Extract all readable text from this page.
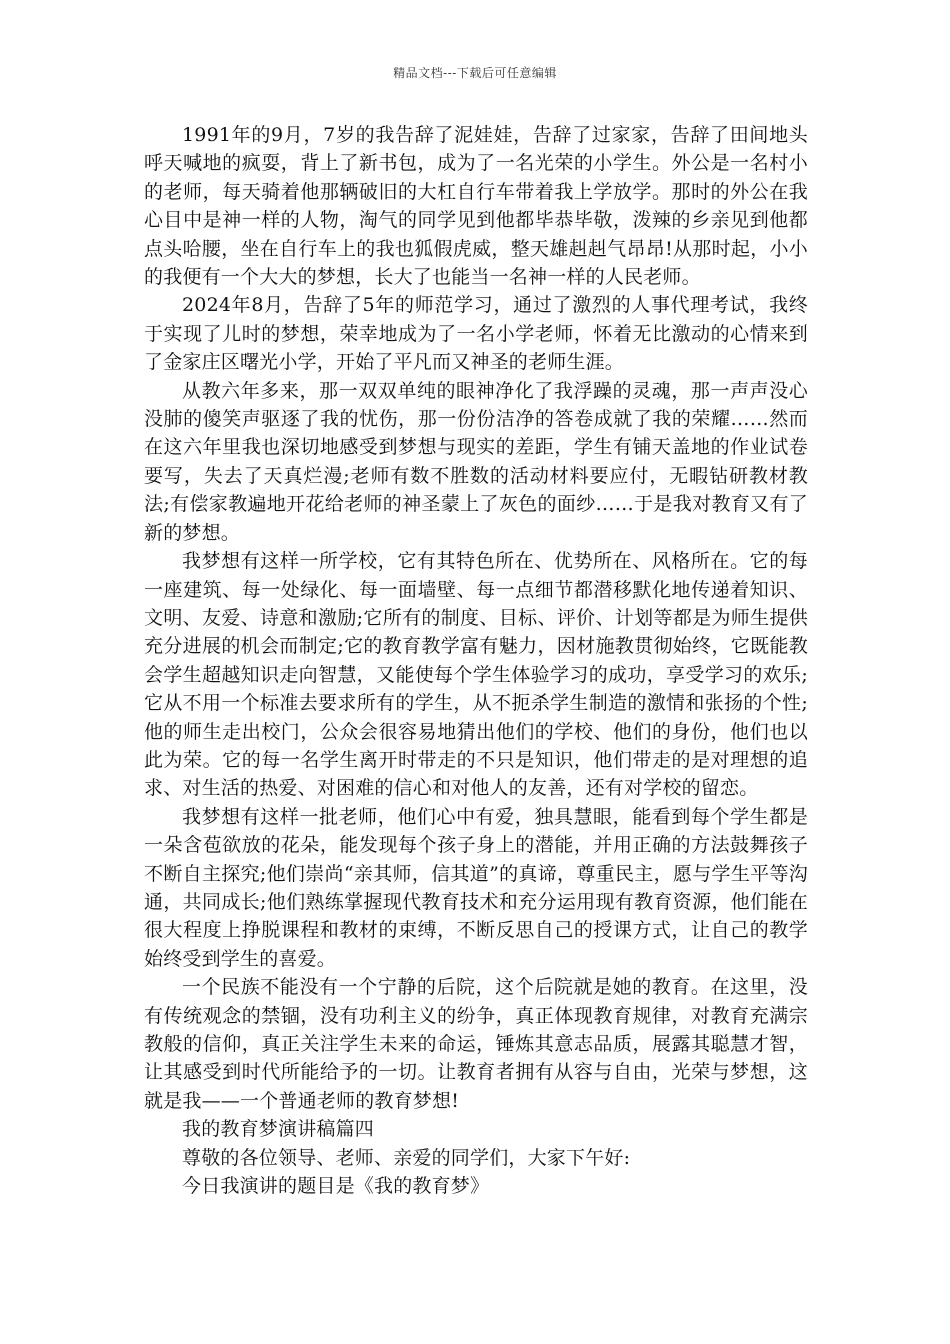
精品文档---下载后可任意编辑

1991年的9月，7岁的我告辞了泥娃娃，告辞了过家家，告辞了田间地头呼天喊地的疯耍，背上了新书包，成为了一名光荣的小学生。外公是一名村小的老师，每天骑着他那辆破旧的大杠自行车带着我上学放学。那时的外公在我心目中是神一样的人物，淘气的同学见到他都毕恭毕敬，泼辣的乡亲见到他都点头哈腰，坐在自行车上的我也狐假虎威，整天雄赳赳气昂昂!从那时起，小小的我便有一个大大的梦想，长大了也能当一名神一样的人民老师。

2024年8月，告辞了5年的师范学习，通过了激烈的人事代理考试，我终于实现了儿时的梦想，荣幸地成为了一名小学老师，怀着无比激动的心情来到了金家庄区曙光小学，开始了平凡而又神圣的老师生涯。

从教六年多来，那一双双单纯的眼神净化了我浮躁的灵魂，那一声声没心没肺的傻笑声驱逐了我的忧伤，那一份份洁净的答卷成就了我的荣耀……然而在这六年里我也深切地感受到梦想与现实的差距，学生有铺天盖地的作业试卷要写，失去了天真烂漫;老师有数不胜数的活动材料要应付，无暇钻研教材教法;有偿家教遍地开花给老师的神圣蒙上了灰色的面纱……于是我对教育又有了新的梦想。

我梦想有这样一所学校，它有其特色所在、优势所在、风格所在。它的每一座建筑、每一处绿化、每一面墙壁、每一点细节都潜移默化地传递着知识、文明、友爱、诗意和激励;它所有的制度、目标、评价、计划等都是为师生提供充分进展的机会而制定;它的教育教学富有魅力，因材施教贯彻始终，它既能教会学生超越知识走向智慧，又能使每个学生体验学习的成功，享受学习的欢乐;它从不用一个标准去要求所有的学生，从不扼杀学生制造的激情和张扬的个性;他的师生走出校门，公众会很容易地猜出他们的学校、他们的身份，他们也以此为荣。它的每一名学生离开时带走的不只是知识，他们带走的是对理想的追求、对生活的热爱、对困难的信心和对他人的友善，还有对学校的留恋。

我梦想有这样一批老师，他们心中有爱，独具慧眼，能看到每个学生都是一朵含苞欲放的花朵，能发现每个孩子身上的潜能，并用正确的方法鼓舞孩子不断自主探究;他们崇尚“亲其师，信其道”的真谛，尊重民主，愿与学生平等沟通，共同成长;他们熟练掌握现代教育技术和充分运用现有教育资源，他们能在很大程度上挣脱课程和教材的束缚，不断反思自己的授课方式，让自己的教学始终受到学生的喜爱。

一个民族不能没有一个宁静的后院，这个后院就是她的教育。在这里，没有传统观念的禁锢，没有功利主义的纷争，真正体现教育规律，对教育充满宗教般的信仰，真正关注学生未来的命运，锤炼其意志品质，展露其聪慧才智，让其感受到时代所能给予的一切。让教育者拥有从容与自由，光荣与梦想，这就是我——一个普通老师的教育梦想!

我的教育梦演讲稿篇四

尊敬的各位领导、老师、亲爱的同学们，大家下午好:

今日我演讲的题目是《我的教育梦》
